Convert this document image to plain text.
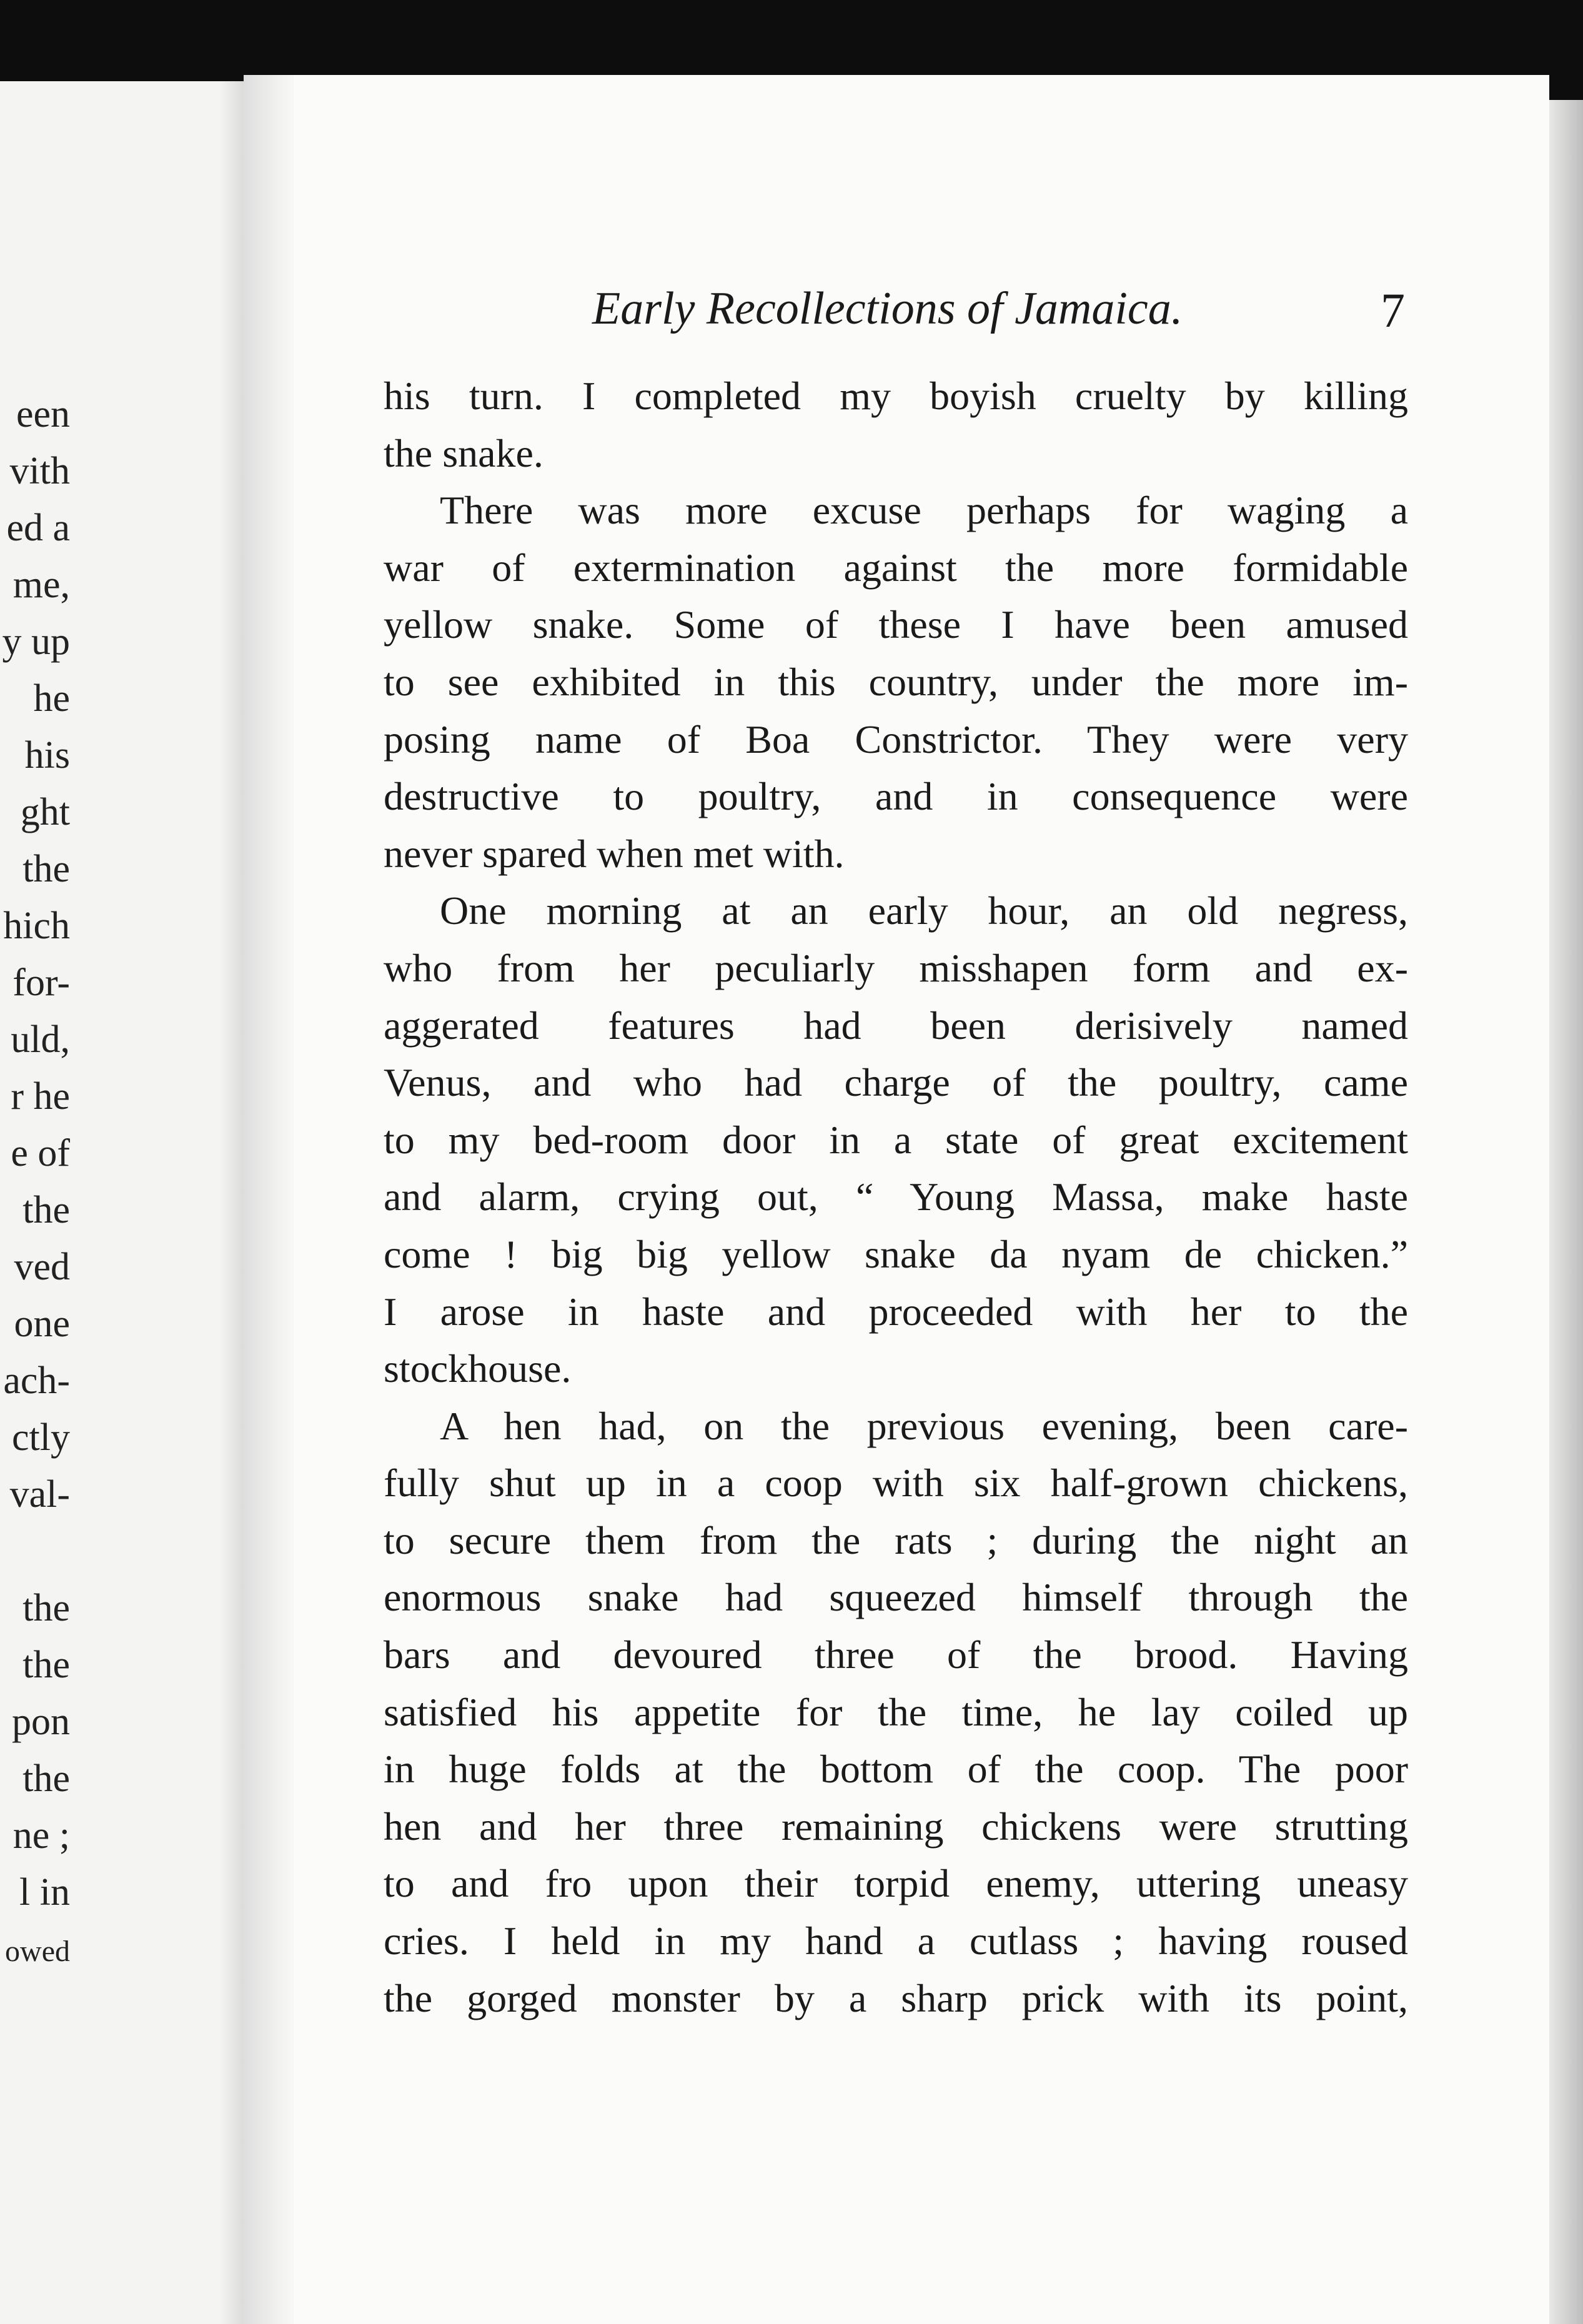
een
vith
ed a
me,
y up
he
his
ght
the
hich
for-
uld,
r he
e of
the
ved
one
ach-
ctly
val-
the
the
pon
the
ne ;
l in
owed
Early Recollections of Jamaica.	7
his turn. I completed my boyish cruelty by killing
the snake.
There was more excuse perhaps for waging a
war of extermination against the more formidable
yellow snake. Some of these I have been amused
to see exhibited in this country, under the more im-
posing name of Boa Constrictor. They were very
destructive to poultry, and in consequence were
never spared when met with.
One morning at an early hour, an old negress,
who from her peculiarly misshapen form and ex-
aggerated features had been derisively named
Venus, and who had charge of the poultry, came
to my bed-room door in a state of great excitement
and alarm, crying out, “ Young Massa, make haste
come ! big big yellow snake da nyam de chicken.”
I arose in haste and proceeded with her to the
stockhouse.
A hen had, on the previous evening, been care-
fully shut up in a coop with six half-grown chickens,
to secure them from the rats ; during the night an
enormous snake had squeezed himself through the
bars and devoured three of the brood. Having
satisfied his appetite for the time, he lay coiled up
in huge folds at the bottom of the coop. The poor
hen and her three remaining chickens were strutting
to and fro upon their torpid enemy, uttering uneasy
cries. I held in my hand a cutlass ; having roused
the gorged monster by a sharp prick with its point,
